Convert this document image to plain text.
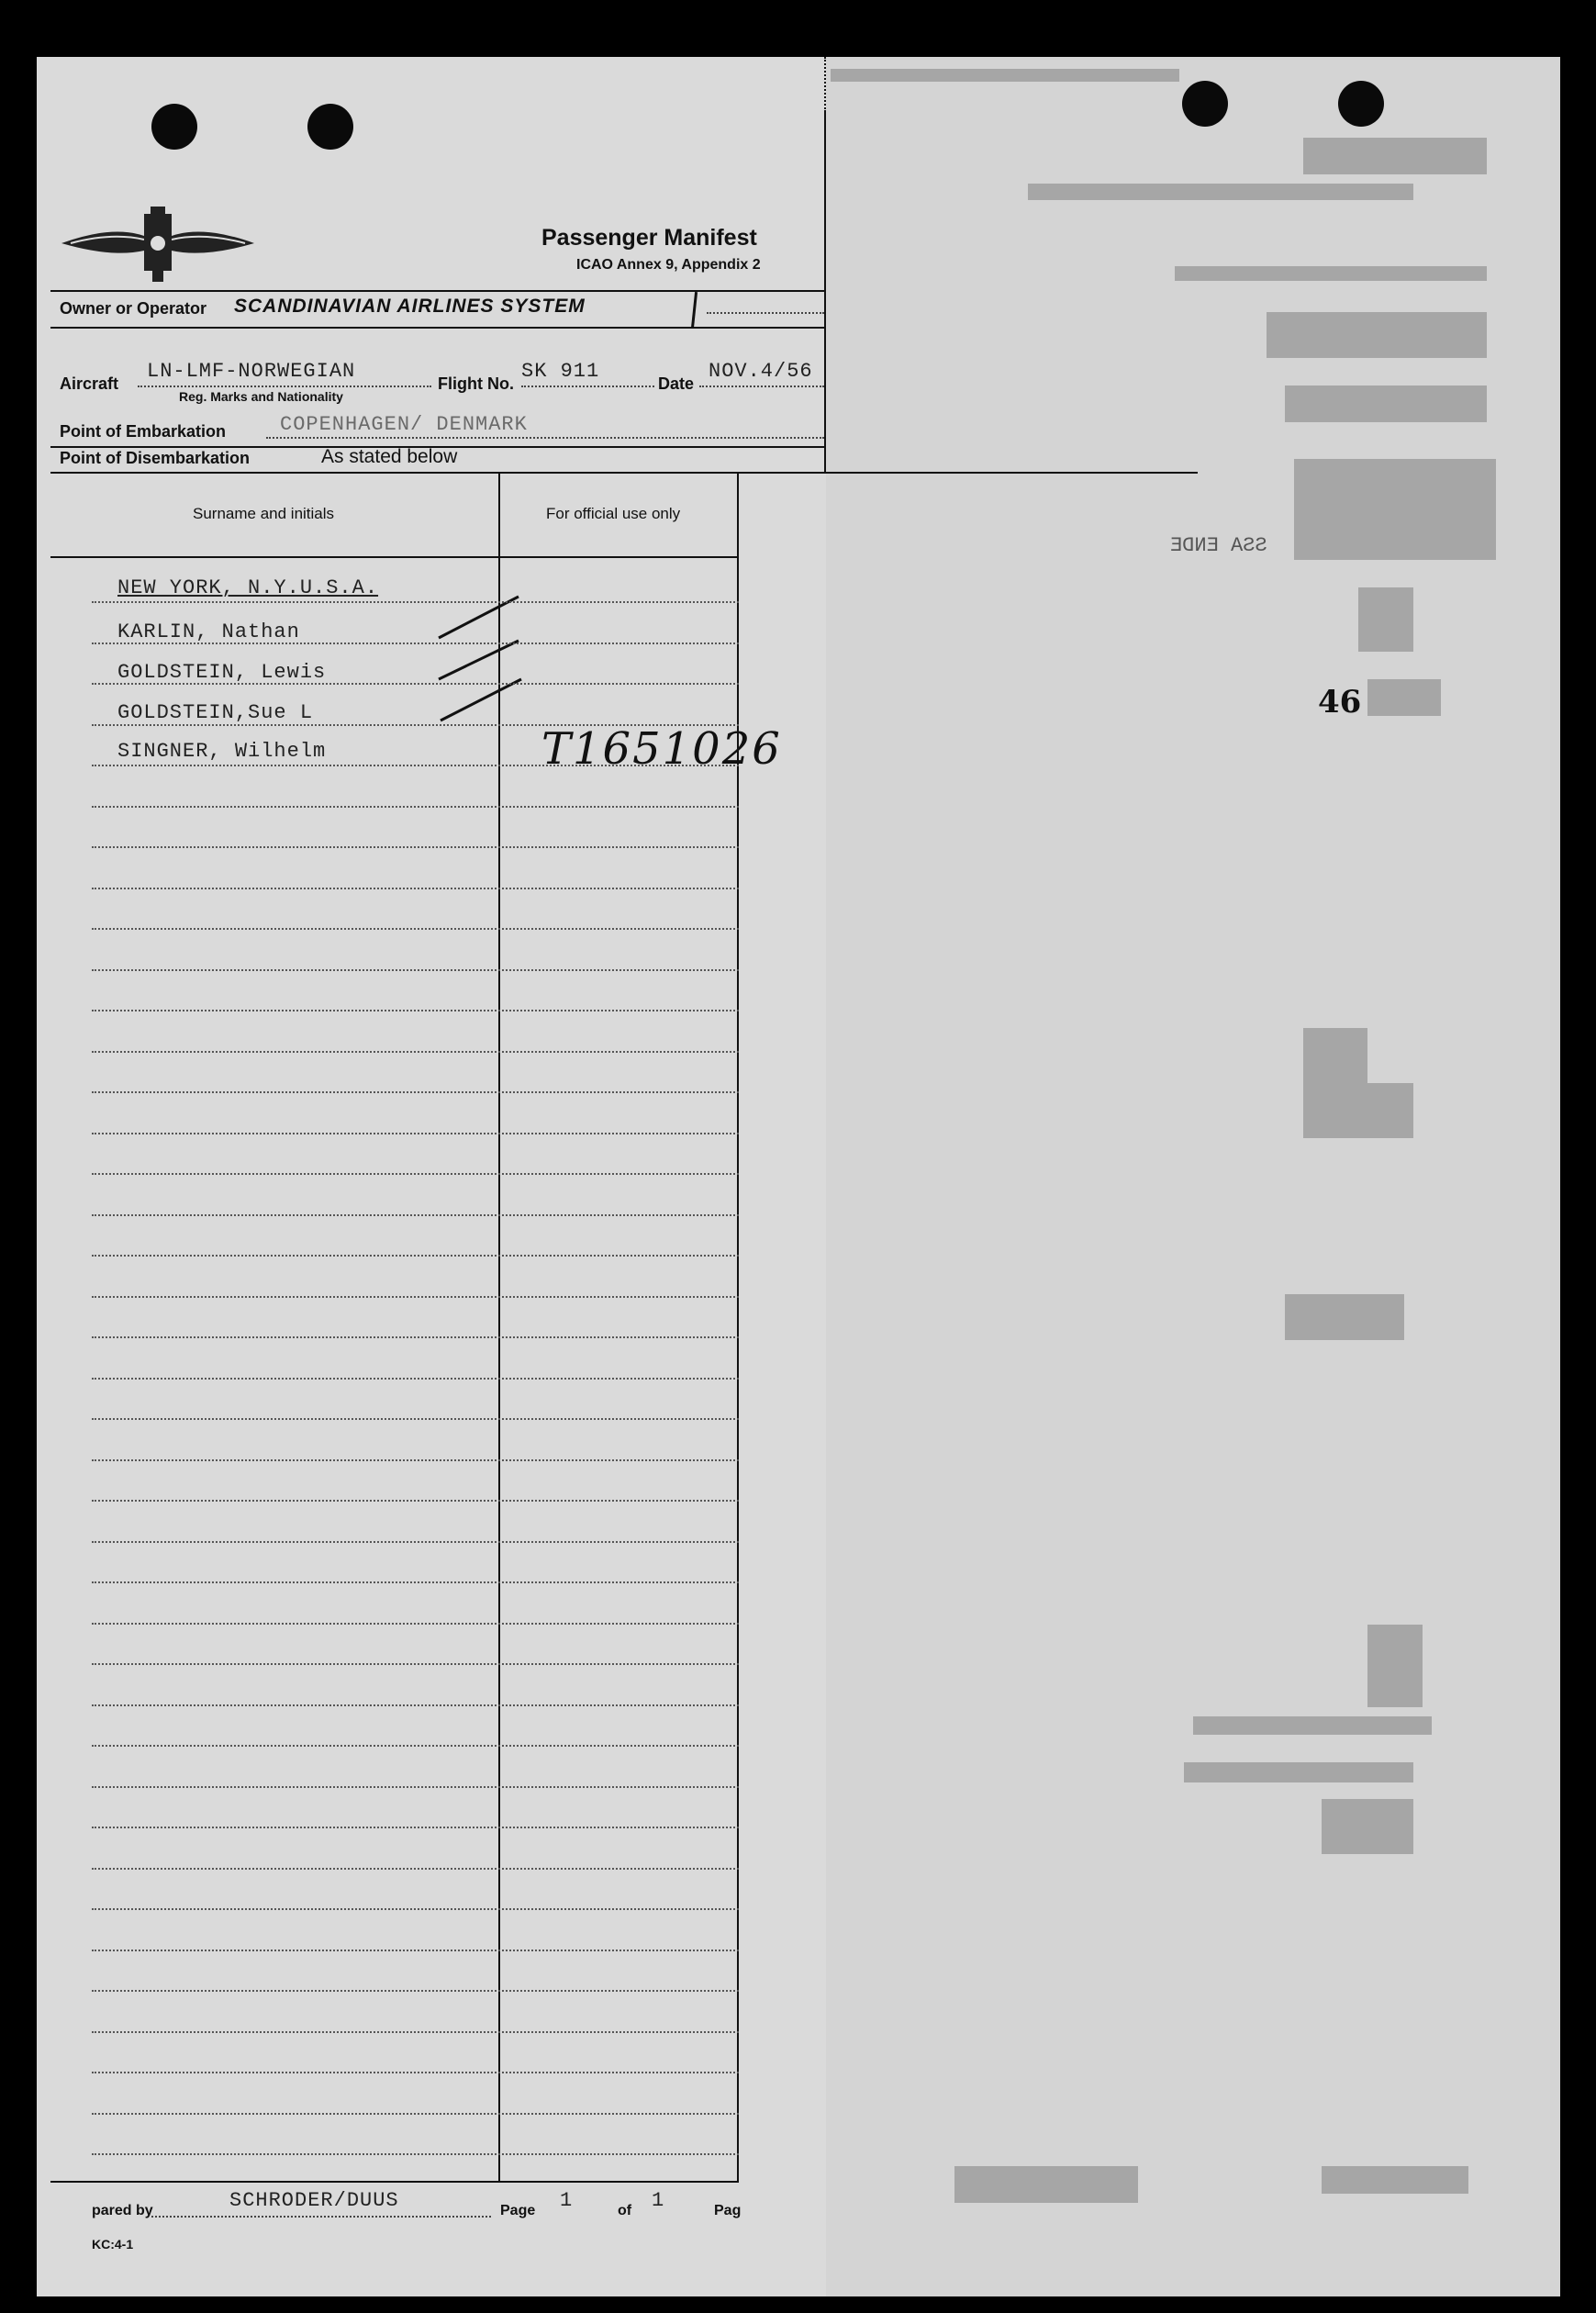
Passenger Manifest
ICAO Annex 9, Appendix 2
Owner or Operator SCANDINAVIAN AIRLINES SYSTEM
Aircraft
LN-LMF-NORWEGIAN
Reg. Marks and Nationality
Flight No.
SK 911
Date
NOV.4/56
Point of Embarkation	COPENHAGEN/ DENMARK
Point of Disembarkation	As stated below
Surname and initials	For official use only
NEW YORK, N.Y.U.S.A.
KARLIN, Nathan
GOLDSTEIN, Lewis
GOLDSTEIN,Sue L
SINGNER, Wilhelm	T1651026
pared by	SCHRODER/DUUS	Page 1	of 1	Pag
KC:4-1
46
SSA ENDE
